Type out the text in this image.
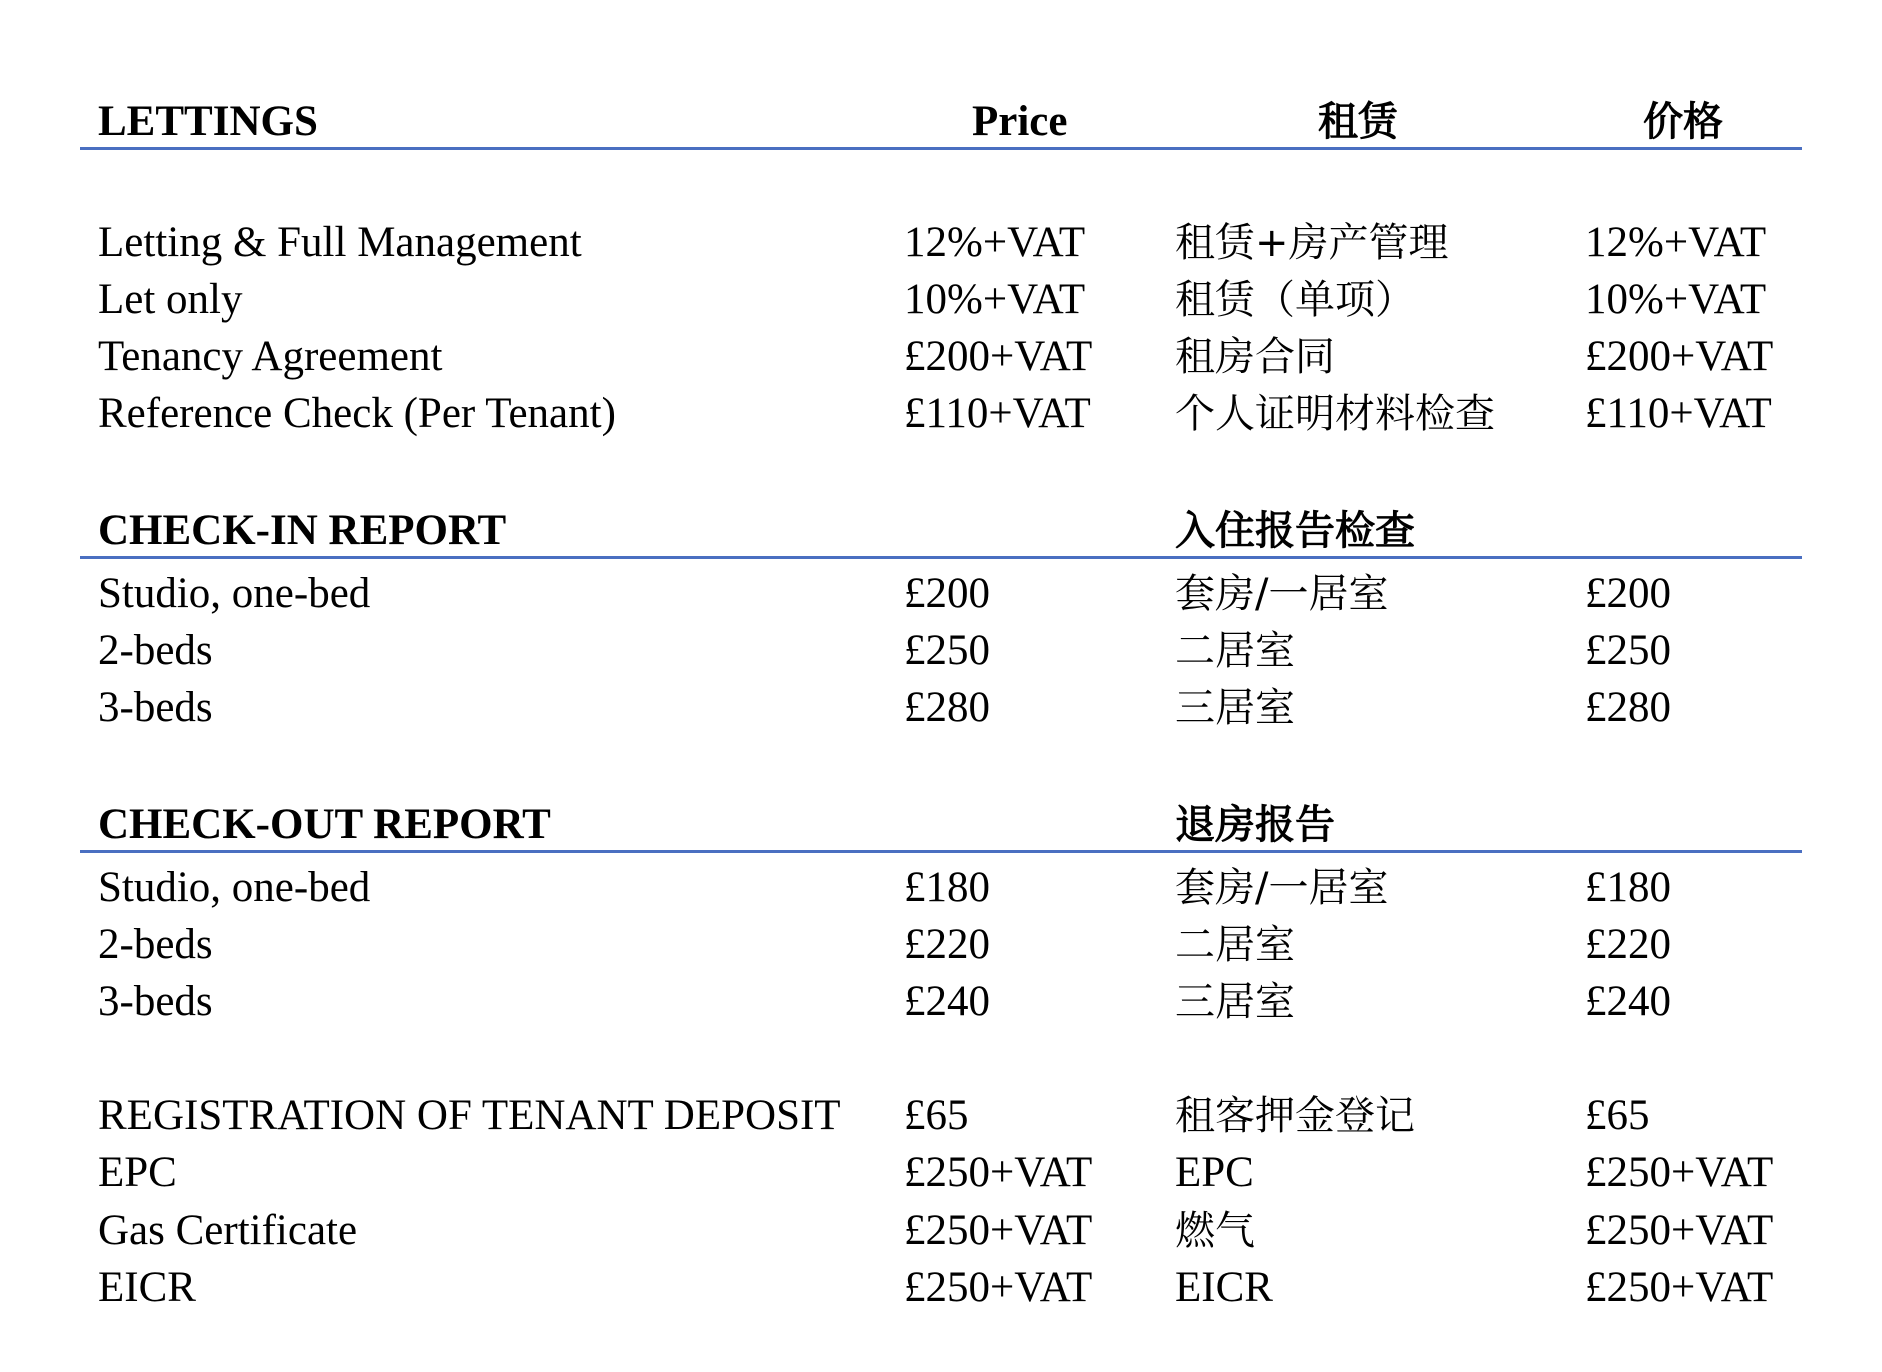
LETTINGS	Price	租赁	价格
Letting & Full Management	12%+VAT 租赁+房产管理	12%+VAT
Let only	10%+VAT 租赁（单项）	10%+VAT
Tenancy Agreement	£200+VAT 租房合同	£200+VAT
Reference Check (Per Tenant)	£110+VAT 个人证明材料检查 £110+VAT
CHECK-IN REPORT	入住报告检查
Studio, one-bed	£200	套房/一居室	£200
2-beds	£250	二居室	£250
3-beds	£280	三居室	£280
CHECK-OUT REPORT	退房报告
Studio, one-bed	£180	套房/一居室	£180
2-beds	£220	二居室	£220
3-beds	£240	三居室	£240
REGISTRATION OF TENANT DEPOSIT £65	租客押金登记	£65
EPC	£250+VAT EPC	£250+VAT
Gas Certificate	£250+VAT 燃气	£250+VAT
EICR	£250+VAT EICR	£250+VAT
